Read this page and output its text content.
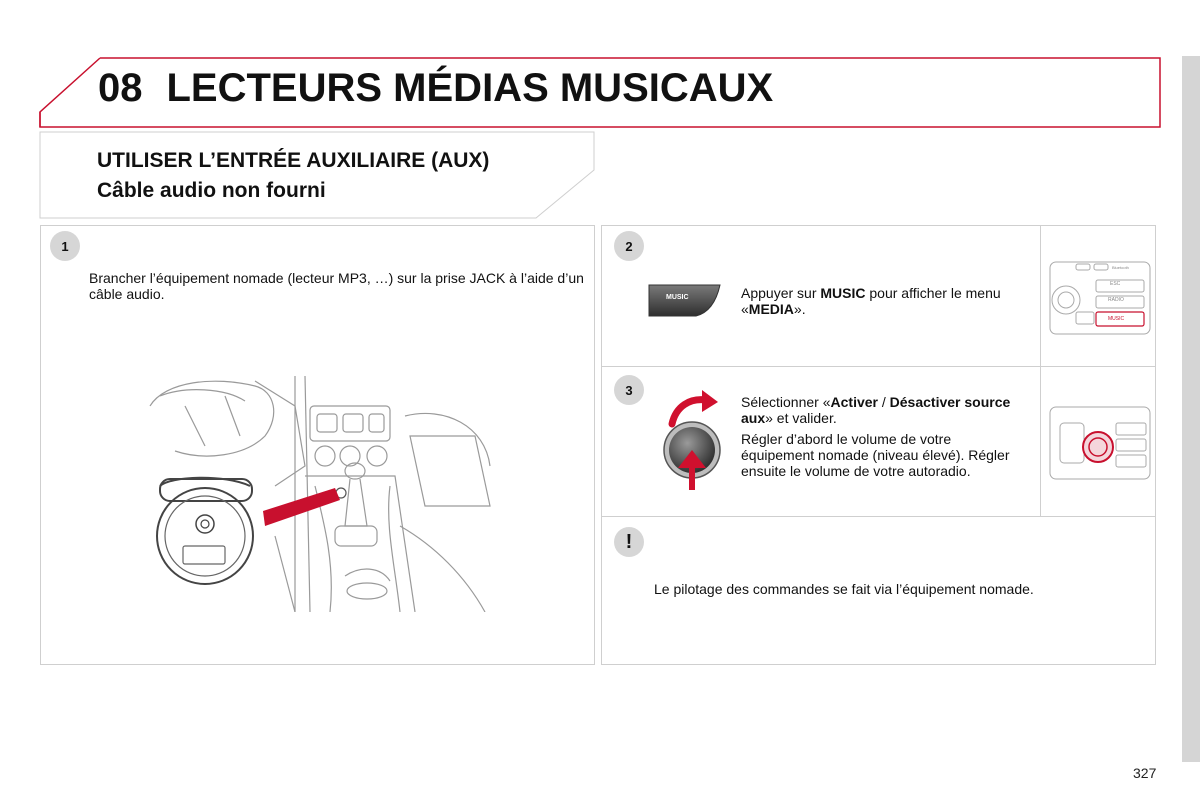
08 LECTEURS MÉDIAS MUSICAUX
UTILISER L’ENTRÉE AUXILIAIRE (AUX)
Câble audio non fourni
1
Brancher l’équipement nomade (lecteur MP3, …) sur la prise JACK à l’aide d’un câble audio.
2
MUSIC	Appuyer sur MUSIC pour afficher le menu «MEDIA».
ESC
RADIO
MUSIC
Bluetooth
3
Sélectionner «Activer / Désactiver source aux» et valider.
Régler d’abord le volume de votre équipement nomade (niveau élevé). Régler ensuite le volume de votre autoradio.
!
Le pilotage des commandes se fait via l’équipement nomade.
327
